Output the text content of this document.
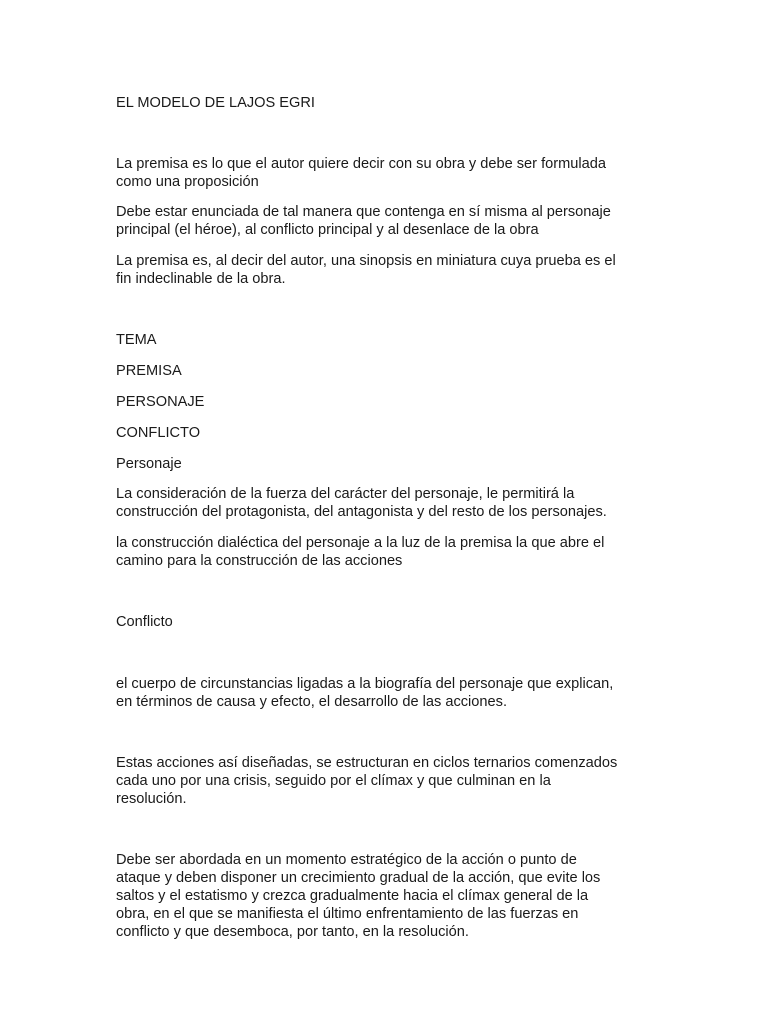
EL MODELO DE LAJOS EGRI

La premisa es lo que el autor quiere decir con su obra y debe ser formulada

como una proposición

Debe estar enunciada de tal manera que contenga en sí misma al personaje

principal (el héroe), al conflicto principal y al desenlace de la obra

La premisa es, al decir del autor, una sinopsis en miniatura cuya prueba es el

fin indeclinable de la obra.

TEMA

PREMISA

PERSONAJE

CONFLICTO

Personaje

La consideración de la fuerza del carácter del personaje, le permitirá la

construcción del protagonista, del antagonista y del resto de los personajes.

la construcción dialéctica del personaje a la luz de la premisa la que abre el

camino para la construcción de las acciones

Conflicto

el cuerpo de circunstancias ligadas a la biografía del personaje que explican,

en términos de causa y efecto, el desarrollo de las acciones.

Estas acciones así diseñadas, se estructuran en ciclos ternarios comenzados

cada uno por una crisis, seguido por el clímax y que culminan en la

resolución.

Debe ser abordada en un momento estratégico de la acción o punto de

ataque y deben disponer un crecimiento gradual de la acción, que evite los

saltos y el estatismo y crezca gradualmente hacia el clímax general de la

obra, en el que se manifiesta el último enfrentamiento de las fuerzas en

conflicto y que desemboca, por tanto, en la resolución.
